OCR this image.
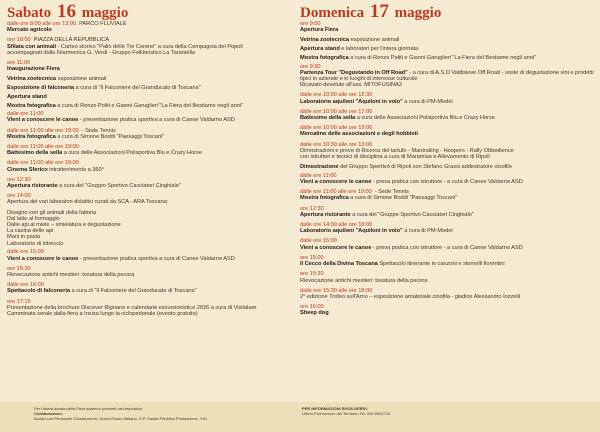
Sabato 16 maggio
dalle ore 8:00 alle ore 13:00 PARCO FLUVIALE
Mercato agricolo
ore 10:00 PIAZZA DELLA REPUBBLICA
Sfilata con animali - Carteo storico "Palio delle Tre Corone" a cura della Compagnia dei Popoli
accompagnati dalla Filarmonica G. Verdi - Gruppo Folkloristico La Tarantella
ore 11:00
Inaugurazione Fiera
Vetrina zootecnica esposizione animali
Esposizione di falconeria a cura di "Il Falconiere del Granducato di Toscana"
Apertura stand
Mostra fotografica a cura di Renzo Politi e Gianni Garuglieri "La Fiera del Bestiame negli anni"
dalle ore 11:00
Vieni a conoscere le canoe - presentazione pratica sportiva a cura di Canoe Valdarno ASD
dalle ore 11:00 alle ore 19:00 - Sede Tennis
Mostra fotografica a cura di Simone Boddi "Paesaggi Toscani"
dalle ore 11:00 alle ore 19:00
Battesimo della sella a cura delle Associazioni Polisportiva Blu e Crazy Horse
dalle ore 11:00 alle ore 19:00
Cinema Sferico intrattenimento a 360°
ore 12:30
Apertura ristorante a cura del "Gruppo Sportivo Cacciatori Cinghiale"
ore 14:00
Apertura dei vari laboratori didattici curati da SCA - ARA Toscana:
Disegno con gli animali della fattoria
Dal latte al formaggio
Dalle api al miele – smielatura e degustazione
La casina delle api
Mani in pasta
Laboratorio di intreccio
dalle ore 15:00
Vieni a conoscere le canoe - presentazione pratica sportiva a cura di Canoe Valdarno ASD
ore 15:30
Rievocazione antichi mestieri: tosatura della pecora
dalle ore 16:00
Spettacolo di falconeria a cura di "Il Falconiere del Granducato di Toscana"
ore 17:15
Presentazione della brochure Discover Rignano e calendario escursionistico 2026 a cura di Visitalare
Camminata serale dalla fiera a Incisa lungo la ciclopedonale (evento gratuito)
Domenica 17 maggio
ore 9:00
Apertura Fiera
Vetrina zootecnica esposizione animali
Apertura stand e laboratori per l'intera giornata
Mostra fotografica a cura di Renzo Politi e Gianni Garuglieri "La Fiera del Bestiame negli anni"
ore 9:30
Partenza Tour "Degustando in Off Road" - a cura di A.S.D Valdisieve Off Road - soste di degustazione vini e prodotti tipici in aziende e in luoghi di interesse culturale
Ricavato devoluto all'ass. MITOFUSINA2
dalle ore 10:00 alle ore 12:30
Laboratorio aquiloni "Aquiloni in volo" a cura di PM-Model
dalle ore 10:00 alle ore 17:00
Battesimo della sella a cura delle Associazioni Polisportiva Blu e Crazy Horse
dalle ore 10:00 alle ore 19:00
Mercatino delle associazioni e degli hobbisti
dalle ore 10:30 alle ore 13:00
Dimostrazioni e prove di Ricerca del tartufo - Mantrailing - Hoopers - Rally Obbedience
con istruttori e tecnici di disciplina a cura di Maramiao e Allevamento di Ripoli
Dimostrazione del Gruppo Sportivo di Ripoli con Stefano Grassi addestratore cinofilo
dalle ore 11:00
Vieni a conoscere le canoe - prova pratica con istruttore - a cura di Canoe Valdarno ASD
dalle ore 11:00 alle ore 19:00 - Sede Tennis
Mostra fotografica a cura di Simone Boddi "Paesaggi Toscani"
ore 12:30
Apertura ristorante a cura del "Gruppo Sportivo Cacciatori Cinghiale"
dalle ore 14:00 alle ore 18:00
Laboratorio aquiloni "Aquiloni in volo" a cura di PM-Model
dalle ore 15:00
Vieni a conoscere le canoe - prova pratica con istruttore - a cura di Canoe Valdarno ASD
ore 15:00
Il Cecco della Divina Toscana Spettacolo itinerante in canzoni e stornelli fiorentini
ore 15:30
Rievocazione antichi mestieri: tosatura della pecora
dalle ore 15:30 alle ore 18:00
2° edizione Trofeo sull'Arno – esposizione amatoriale cinofila - giudice Alessandro Iozzelli
ore 16:00
Sheep dog
Per l'intera durata della Fiera saranno presenti vari espositori
Collaborazioni:
Avviso con Personale Gendarmeria, Grano Rosso Italiano, S.P. Sanità Pubblica Pontassieve, VIG
PER INFORMAZIONI RIVOLGERSI:
Ufficio Promozione del Territorio Tel. 055 8304714
